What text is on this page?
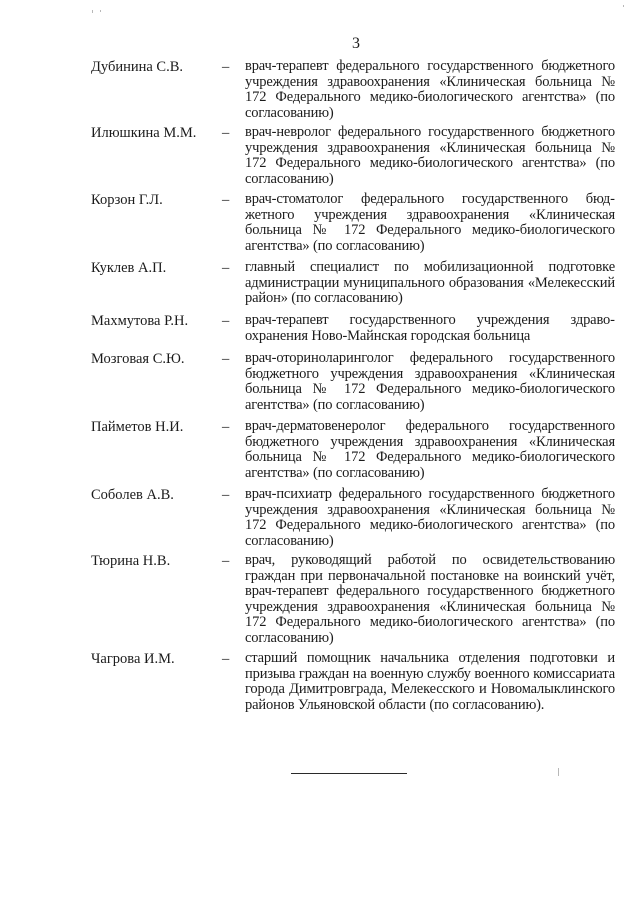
3
Дубинина С.В.	– врач-терапевт федерального государственного бюджетного учреждения здравоохранения «Клиническая больница № 172 Федерального медико-биологического агентства» (по согласованию)
Илюшкина М.М. – врач-невролог федерального государственного бюджетного учреждения здравоохранения «Клиническая больница № 172 Федерального медико-биологического агентства» (по согласованию)
Корзон Г.Л.	– врач-стоматолог федерального государственного бюджетного учреждения здравоохранения «Клиническая больница № 172 Федерального медико-биологического агентства» (по согласованию)
Куклев А.П.	– главный специалист по мобилизационной подготовке администрации муниципального образования «Мелекесский район» (по согласованию)
Махмутова Р.Н. – врач-терапевт государственного учреждения здравоохранения Ново-Майнская городская больница
Мозговая С.Ю.	– врач-оториноларинголог федерального государственного бюджетного учреждения здравоохранения «Клиническая больница № 172 Федерального медико-биологического агентства» (по согласованию)
Пайметов Н.И.	– врач-дерматовенеролог федерального государственного бюджетного учреждения здравоохранения «Клиническая больница № 172 Федерального медико-биологического агентства» (по согласованию)
Соболев А.В.	– врач-психиатр федерального государственного бюджетного учреждения здравоохранения «Клиническая больница № 172 Федерального медико-биологического агентства» (по согласованию)
Тюрина Н.В.	– врач, руководящий работой по освидетельствованию граждан при первоначальной постановке на воинский учёт, врач-терапевт федерального государственного бюджетного учреждения здравоохранения «Клиническая больница № 172 Федерального медико-биологического агентства» (по согласованию)
Чагрова И.М.	– старший помощник начальника отделения подготовки и призыва граждан на военную службу военного комиссариата города Димитровграда, Мелекесского и Новомалыклинского районов Ульяновской области (по согласованию).
